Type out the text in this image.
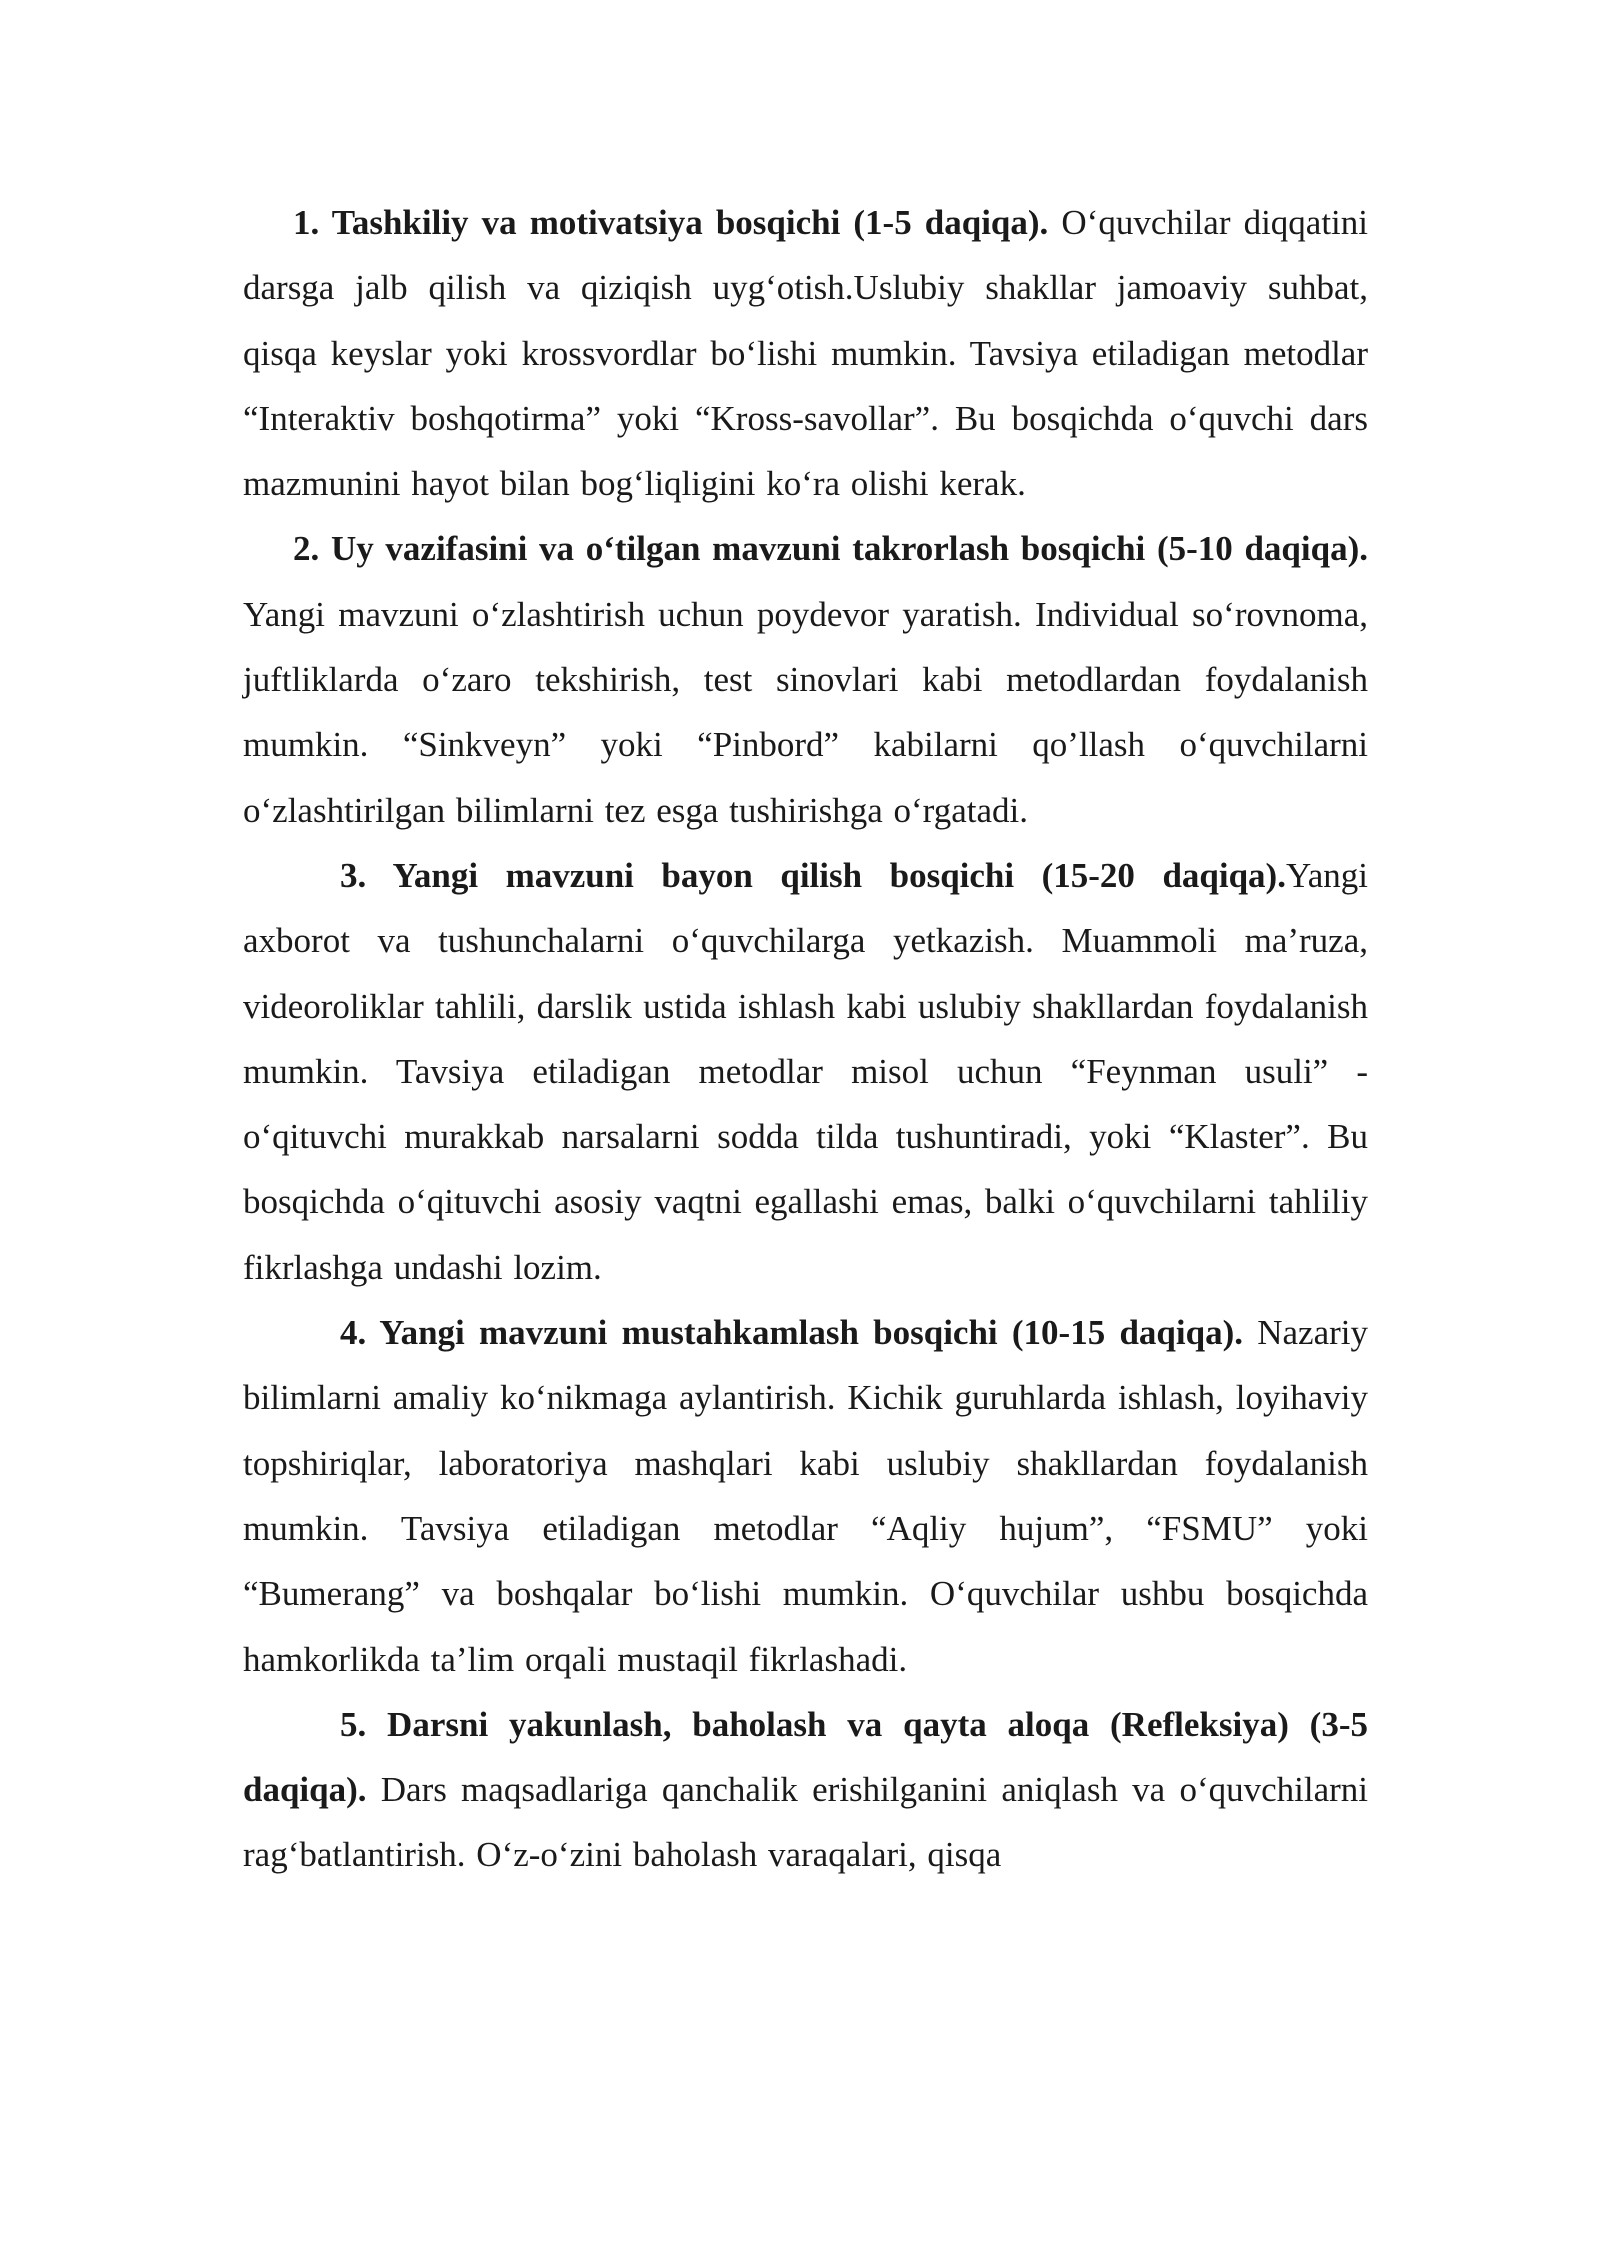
1. Tashkiliy va motivatsiya bosqichi (1-5 daqiqa). O‘quvchilar diqqatini darsga jalb qilish va qiziqish uyg‘otish.Uslubiy shakllar jamoaviy suhbat, qisqa keyslar yoki krossvordlar bo‘lishi mumkin. Tavsiya etiladigan metodlar “Interaktiv boshqotirma” yoki “Kross-savollar”. Bu bosqichda o‘quvchi dars mazmunini hayot bilan bog‘liqligini ko‘ra olishi kerak.

2. Uy vazifasini va o‘tilgan mavzuni takrorlash bosqichi (5-10 daqiqa). Yangi mavzuni o‘zlashtirish uchun poydevor yaratish. Individual so‘rovnoma, juftliklarda o‘zaro tekshirish, test sinovlari kabi metodlardan foydalanish mumkin. “Sinkveyn” yoki “Pinbord” kabilarni qo’llash o‘quvchilarni o‘zlashtirilgan bilimlarni tez esga tushirishga o‘rgatadi.

3. Yangi mavzuni bayon qilish bosqichi (15-20 daqiqa).Yangi axborot va tushunchalarni o‘quvchilarga yetkazish. Muammoli ma’ruza, videoroliklar tahlili, darslik ustida ishlash kabi uslubiy shakllardan foydalanish mumkin. Tavsiya etiladigan metodlar misol uchun “Feynman usuli” - o‘qituvchi murakkab narsalarni sodda tilda tushuntiradi, yoki “Klaster”. Bu bosqichda o‘qituvchi asosiy vaqtni egallashi emas, balki o‘quvchilarni tahliliy fikrlashga undashi lozim.

4. Yangi mavzuni mustahkamlash bosqichi (10-15 daqiqa). Nazariy bilimlarni amaliy ko‘nikmaga aylantirish. Kichik guruhlarda ishlash, loyihaviy topshiriqlar, laboratoriya mashqlari kabi uslubiy shakllardan foydalanish mumkin. Tavsiya etiladigan metodlar “Aqliy hujum”, “FSMU” yoki “Bumerang” va boshqalar bo‘lishi mumkin. O‘quvchilar ushbu bosqichda hamkorlikda ta’lim orqali mustaqil fikrlashadi.

5. Darsni yakunlash, baholash va qayta aloqa (Refleksiya) (3-5 daqiqa). Dars maqsadlariga qanchalik erishilganini aniqlash va o‘quvchilarni rag‘batlantirish. O‘z-o‘zini baholash varaqalari, qisqa
